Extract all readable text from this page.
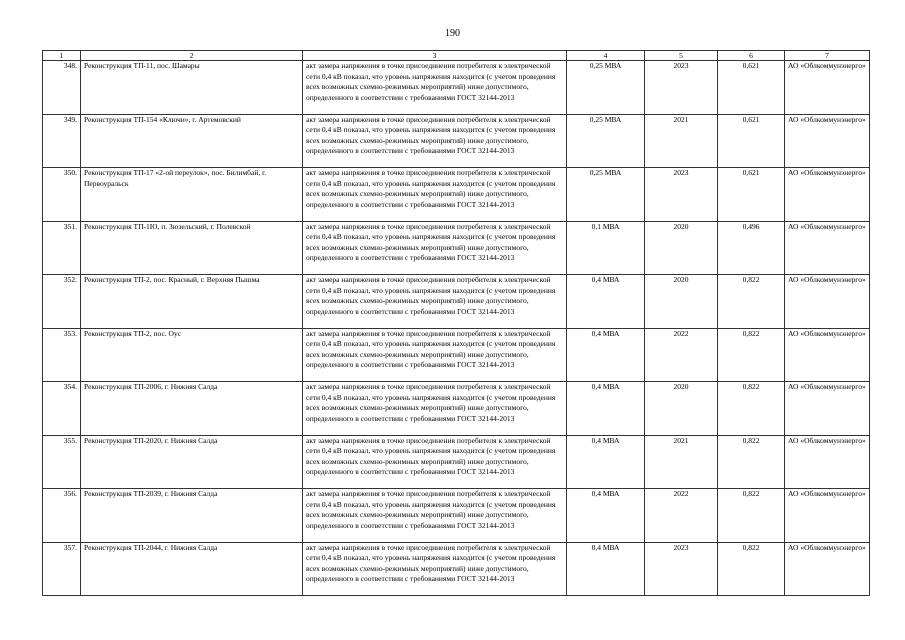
190
1	2	3	4	5	6	7
348.	Реконструкция ТП-11, пос. Шамары	акт замера напряжения в точке присоединения потребителя к электрической сети 0,4 кВ показал, что уровень напряжения находится (с учетом проведения всех возможных схемно-режимных мероприятий) ниже допустимого, определенного в соответствии с требованиями ГОСТ 32144-2013	0,25 МВА	2023	0,621	АО «Облкоммунэнерго»
349.	Реконструкция ТП-154 «Ключи», г. Артемовский	акт замера напряжения в точке присоединения потребителя к электрической сети 0,4 кВ показал, что уровень напряжения находится (с учетом проведения всех возможных схемно-режимных мероприятий) ниже допустимого, определенного в соответствии с требованиями ГОСТ 32144-2013	0,25 МВА	2021	0,621	АО «Облкоммунэнерго»
350.	Реконструкция ТП-17 «2-ой переулок», пос. Билимбай, г. Первоуральск	акт замера напряжения в точке присоединения потребителя к электрической сети 0,4 кВ показал, что уровень напряжения находится (с учетом проведения всех возможных схемно-режимных мероприятий) ниже допустимого, определенного в соответствии с требованиями ГОСТ 32144-2013	0,25 МВА	2023	0,621	АО «Облкоммунэнерго»
351.	Реконструкция ТП-1Ю, п. Зюзельский, г. Полевской	акт замера напряжения в точке присоединения потребителя к электрической сети 0,4 кВ показал, что уровень напряжения находится (с учетом проведения всех возможных схемно-режимных мероприятий) ниже допустимого, определенного в соответствии с требованиями ГОСТ 32144-2013	0,1 МВА	2020	0,496	АО «Облкоммунэнерго»
352.	Реконструкция ТП-2, пос. Красный, г. Верхняя Пышма	акт замера напряжения в точке присоединения потребителя к электрической сети 0,4 кВ показал, что уровень напряжения находится (с учетом проведения всех возможных схемно-режимных мероприятий) ниже допустимого, определенного в соответствии с требованиями ГОСТ 32144-2013	0,4 МВА	2020	0,822	АО «Облкоммунэнерго»
353.	Реконструкция ТП-2, пос. Оус	акт замера напряжения в точке присоединения потребителя к электрической сети 0,4 кВ показал, что уровень напряжения находится (с учетом проведения всех возможных схемно-режимных мероприятий) ниже допустимого, определенного в соответствии с требованиями ГОСТ 32144-2013	0,4 МВА	2022	0,822	АО «Облкоммунэнерго»
354.	Реконструкция ТП-2006, г. Нижняя Салда	акт замера напряжения в точке присоединения потребителя к электрической сети 0,4 кВ показал, что уровень напряжения находится (с учетом проведения всех возможных схемно-режимных мероприятий) ниже допустимого, определенного в соответствии с требованиями ГОСТ 32144-2013	0,4 МВА	2020	0,822	АО «Облкоммунэнерго»
355.	Реконструкция ТП-2020, г. Нижняя Салда	акт замера напряжения в точке присоединения потребителя к электрической сети 0,4 кВ показал, что уровень напряжения находится (с учетом проведения всех возможных схемно-режимных мероприятий) ниже допустимого, определенного в соответствии с требованиями ГОСТ 32144-2013	0,4 МВА	2021	0,822	АО «Облкоммунэнерго»
356.	Реконструкция ТП-2039, г. Нижняя Салда	акт замера напряжения в точке присоединения потребителя к электрической сети 0,4 кВ показал, что уровень напряжения находится (с учетом проведения всех возможных схемно-режимных мероприятий) ниже допустимого, определенного в соответствии с требованиями ГОСТ 32144-2013	0,4 МВА	2022	0,822	АО «Облкоммунэнерго»
357.	Реконструкция ТП-2044, г. Нижняя Салда	акт замера напряжения в точке присоединения потребителя к электрической сети 0,4 кВ показал, что уровень напряжения находится (с учетом проведения всех возможных схемно-режимных мероприятий) ниже допустимого, определенного в соответствии с требованиями ГОСТ 32144-2013	0,4 МВА	2023	0,822	АО «Облкоммунэнерго»
